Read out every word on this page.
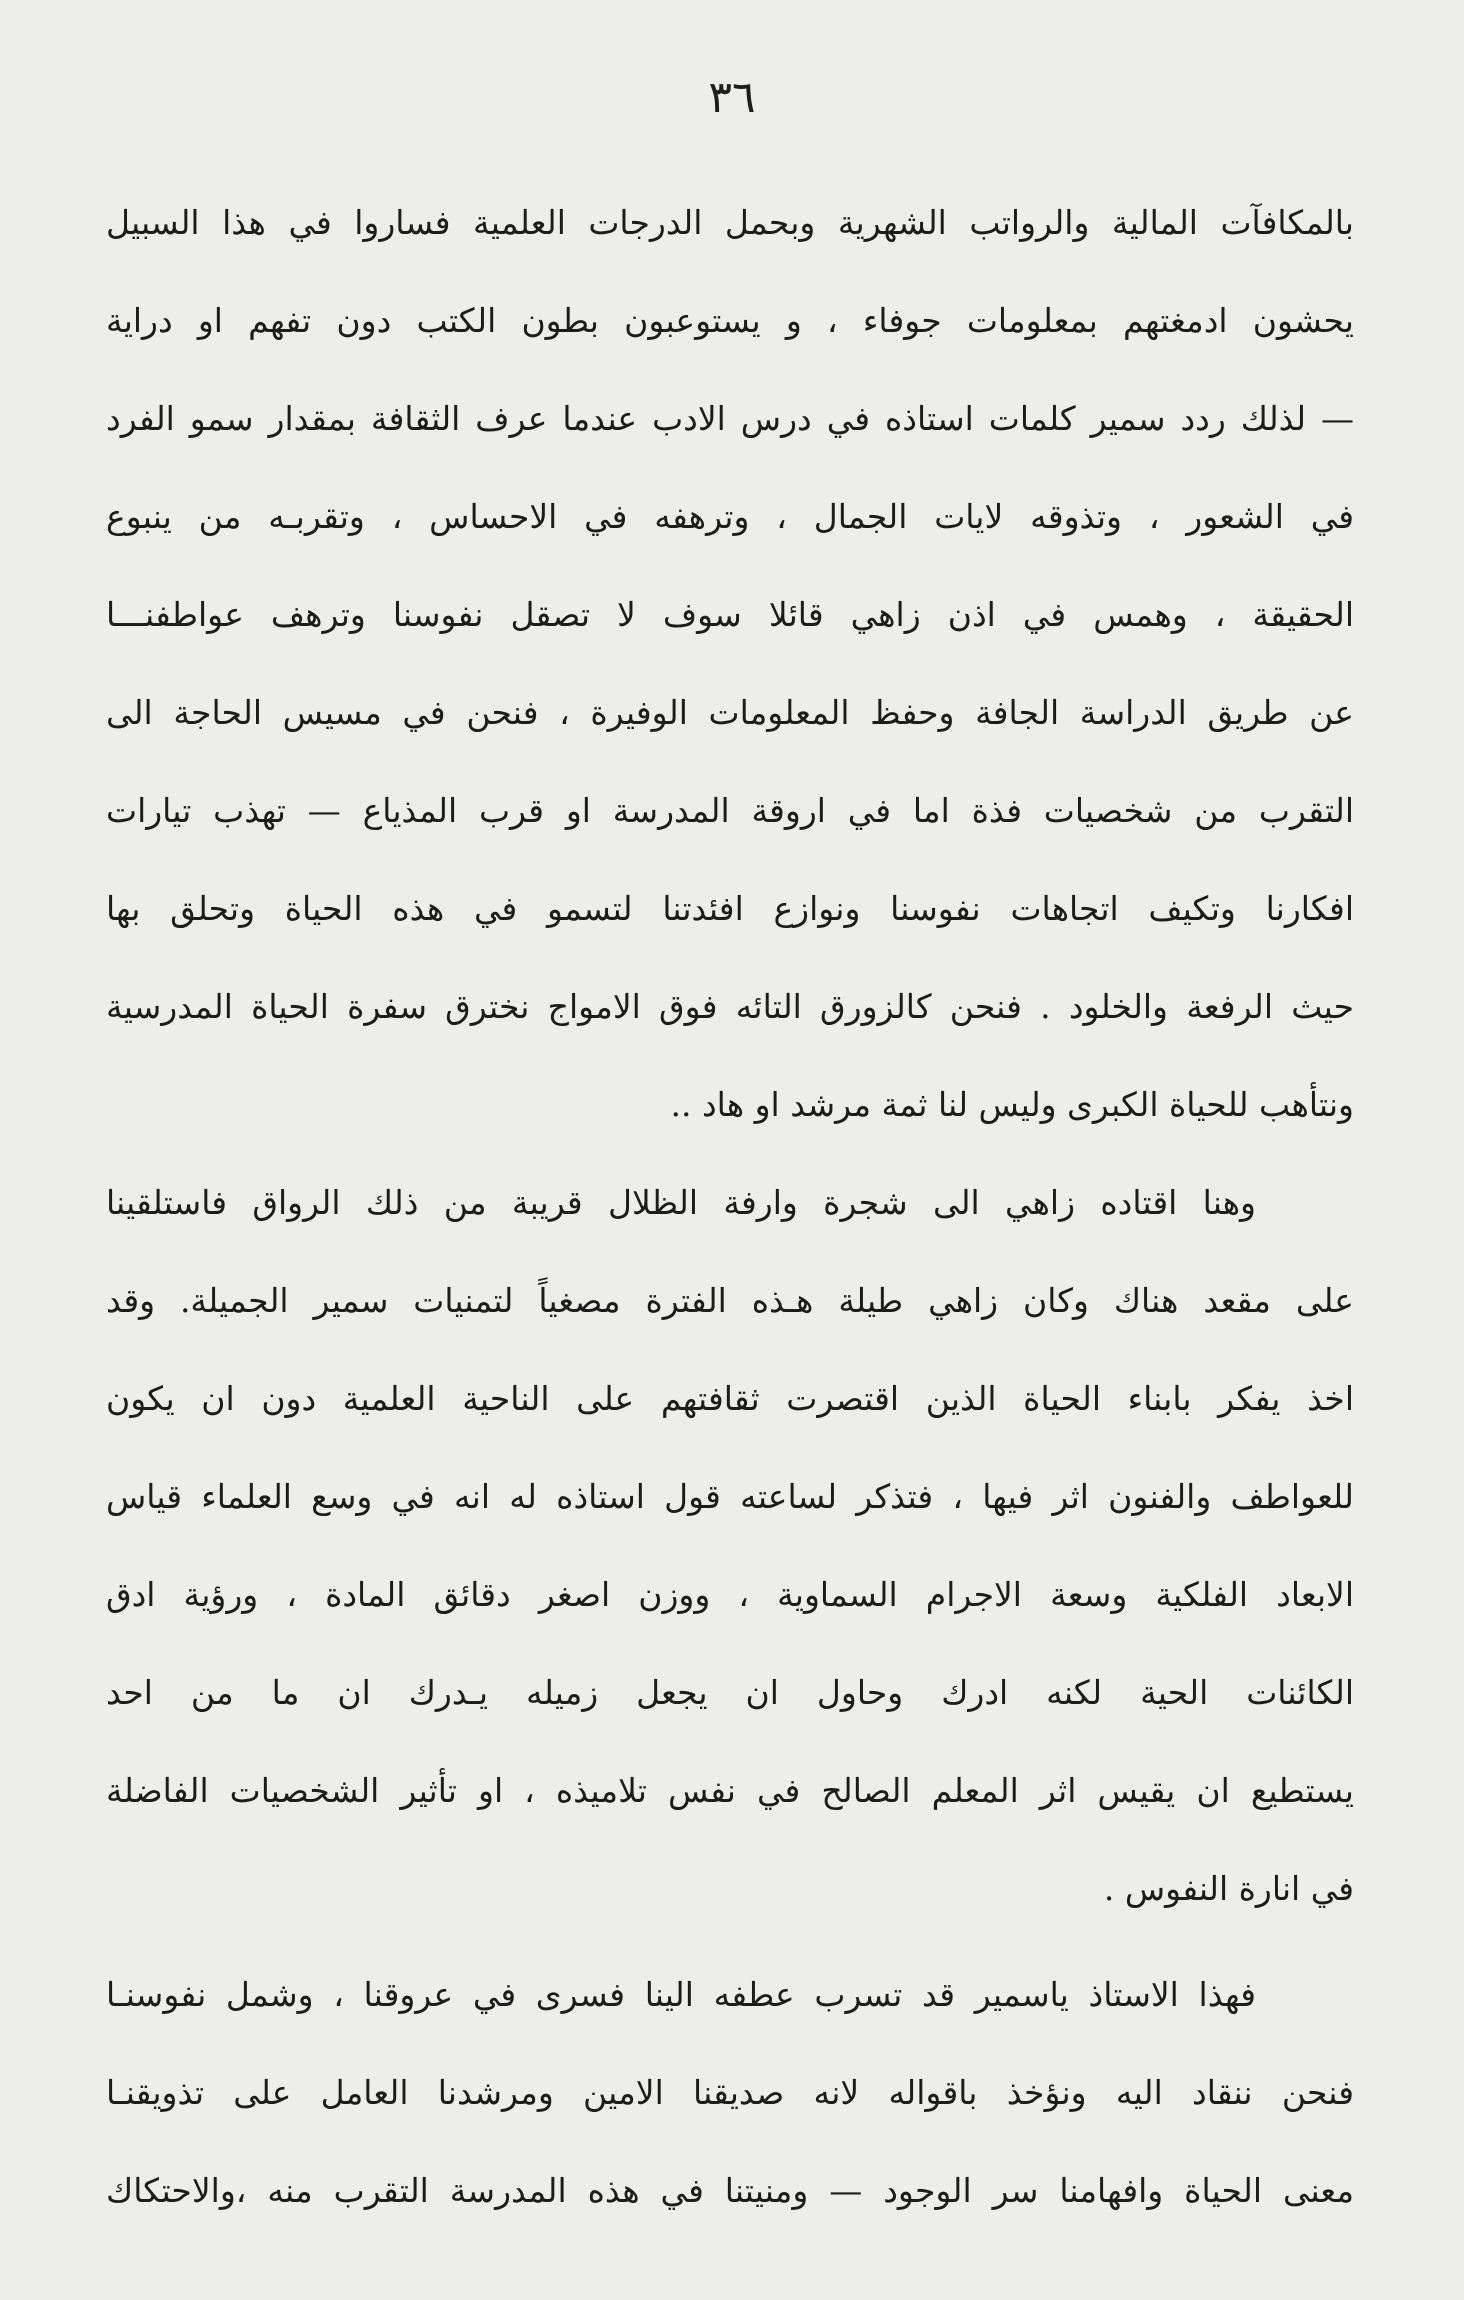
٣٦
بالمكافآت المالية والرواتب الشهرية وبحمل الدرجات العلمية فساروا في هذا السبيل
يحشون ادمغتهم بمعلومات جوفاء ، و يستوعبون بطون الكتب دون تفهم او دراية
— لذلك ردد سمير كلمات استاذه في درس الادب عندما عرف الثقافة بمقدار سمو الفرد
في الشعور ، وتذوقه لايات الجمال ، وترهفه في الاحساس ، وتقربـه من ينبوع
الحقيقة ، وهمس في اذن زاهي قائلا سوف لا تصقل نفوسنا وترهف عواطفنـــا
عن طريق الدراسة الجافة وحفظ المعلومات الوفيرة ، فنحن في مسيس الحاجة الى
التقرب من شخصيات فذة اما في اروقة المدرسة او قرب المذياع — تهذب تيارات
افكارنا وتكيف اتجاهات نفوسنا ونوازع افئدتنا لتسمو في هذه الحياة وتحلق بها
حيث الرفعة والخلود . فنحن كالزورق التائه فوق الامواج نخترق سفرة الحياة المدرسية
ونتأهب للحياة الكبرى وليس لنا ثمة مرشد او هاد ..
وهنا اقتاده زاهي الى شجرة وارفة الظلال قريبة من ذلك الرواق فاستلقينا
على مقعد هناك وكان زاهي طيلة هـذه الفترة مصغياً لتمنيات سمير الجميلة. وقد
اخذ يفكر بابناء الحياة الذين اقتصرت ثقافتهم على الناحية العلمية دون ان يكون
للعواطف والفنون اثر فيها ، فتذكر لساعته قول استاذه له انه في وسع العلماء قياس
الابعاد الفلكية وسعة الاجرام السماوية ، ووزن اصغر دقائق المادة ، ورؤية ادق
الكائنات الحية لكنه ادرك وحاول ان يجعل زميله يـدرك ان ما من احد
يستطيع ان يقيس اثر المعلم الصالح في نفس تلاميذه ، او تأثير الشخصيات الفاضلة
في انارة النفوس .
فهذا الاستاذ ياسمير قد تسرب عطفه الينا فسرى في عروقنا ، وشمل نفوسنـا
فنحن ننقاد اليه ونؤخذ باقواله لانه صديقنا الامين ومرشدنا العامل على تذويقنـا
معنى الحياة وافهامنا سر الوجود — ومنيتنا في هذه المدرسة التقرب منه ،والاحتكاك
